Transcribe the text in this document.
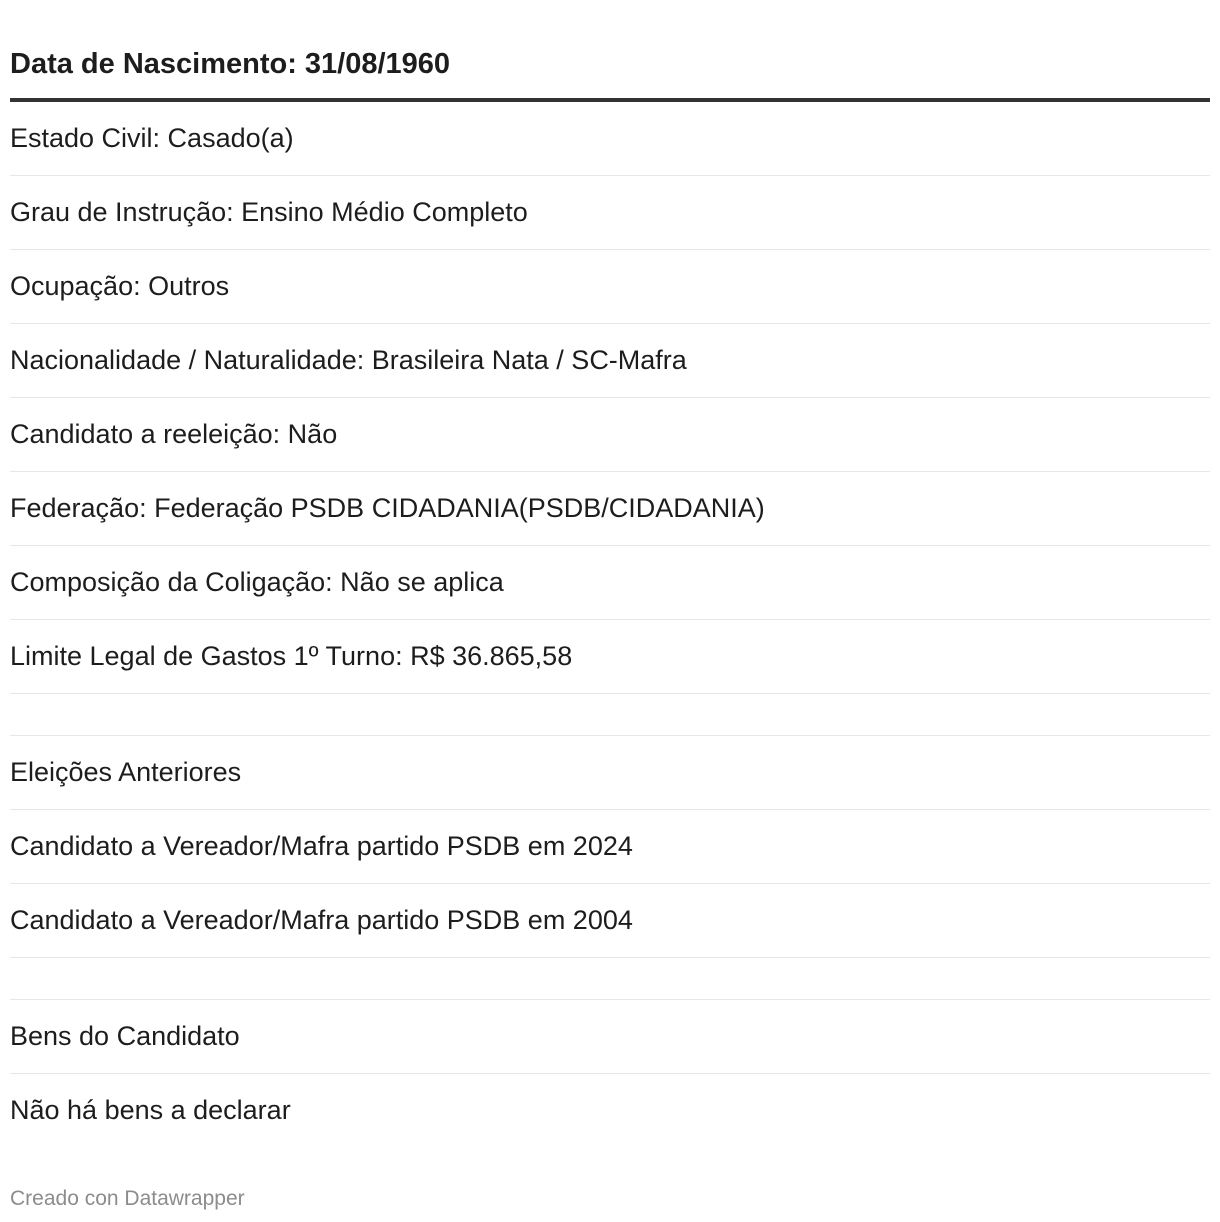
Data de Nascimento: 31/08/1960
Estado Civil: Casado(a)
Grau de Instrução: Ensino Médio Completo
Ocupação: Outros
Nacionalidade / Naturalidade: Brasileira Nata / SC-Mafra
Candidato a reeleição: Não
Federação: Federação PSDB CIDADANIA(PSDB/CIDADANIA)
Composição da Coligação: Não se aplica
Limite Legal de Gastos 1º Turno: R$ 36.865,58
Eleições Anteriores
Candidato a Vereador/Mafra partido PSDB em 2024
Candidato a Vereador/Mafra partido PSDB em 2004
Bens do Candidato
Não há bens a declarar
Creado con Datawrapper
